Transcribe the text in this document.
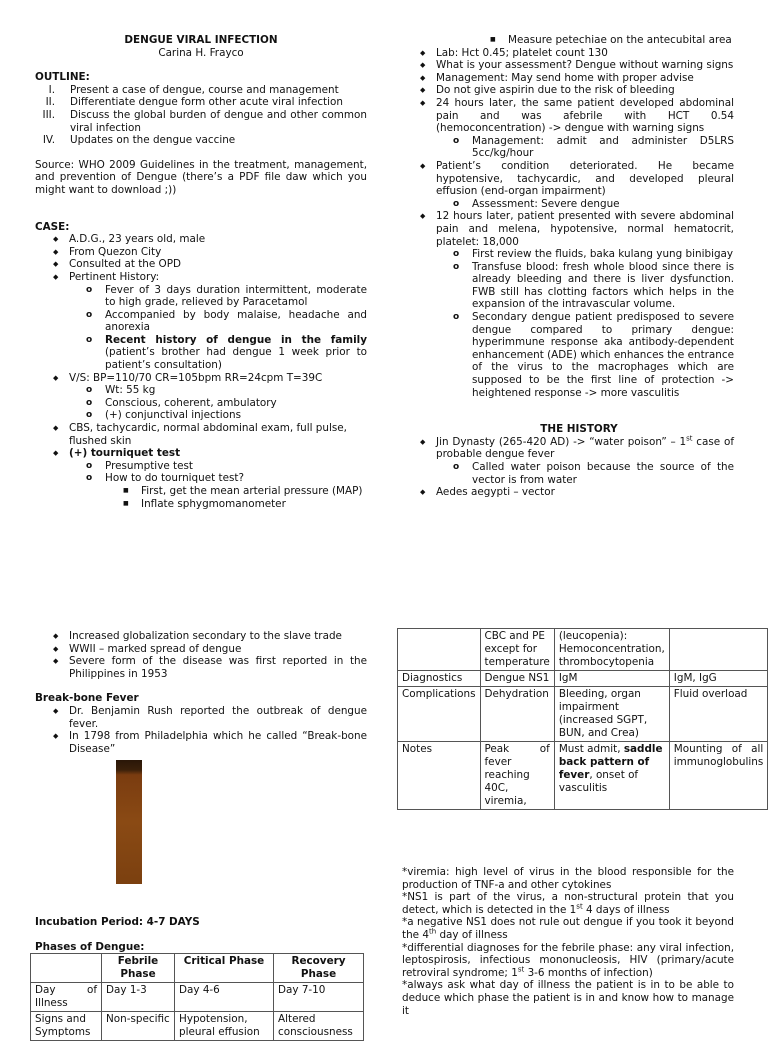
DENGUE VIRAL INFECTION

Carina H. Frayco

OUTLINE:

I. Present a case of dengue, course and management
II. Differentiate dengue form other acute viral infection
III. Discuss the global burden of dengue and other common viral infection
IV. Updates on the dengue vaccine

Source: WHO 2009 Guidelines in the treatment, management, and prevention of Dengue (there’s a PDF file daw which you might want to download ;))

CASE:

◆ A.D.G., 23 years old, male
◆ From Quezon City
◆ Consulted at the OPD
◆ Pertinent History:
o Fever of 3 days duration intermittent, moderate to high grade, relieved by Paracetamol
o Accompanied by body malaise, headache and anorexia
o Recent history of dengue in the family (patient’s brother had dengue 1 week prior to patient’s consultation)
◆ V/S: BP=110/70 CR=105bpm RR=24cpm T=39C
o Wt: 55 kg
o Conscious, coherent, ambulatory
o (+) conjunctival injections
◆ CBS, tachycardic, normal abdominal exam, full pulse, flushed skin
◆ (+) tourniquet test
o Presumptive test
o How to do tourniquet test?
■ First, get the mean arterial pressure (MAP)
■ Inflate sphygmomanometer
■ Measure petechiae on the antecubital area
◆ Lab: Hct 0.45; platelet count 130
◆ What is your assessment? Dengue without warning signs
◆ Management: May send home with proper advise
◆ Do not give aspirin due to the risk of bleeding
◆ 24 hours later, the same patient developed abdominal pain and was afebrile with HCT 0.54 (hemoconcentration) -> dengue with warning signs
o Management: admit and administer D5LRS 5cc/kg/hour
◆ Patient’s condition deteriorated. He became hypotensive, tachycardic, and developed pleural effusion (end-organ impairment)
o Assessment: Severe dengue
◆ 12 hours later, patient presented with severe abdominal pain and melena, hypotensive, normal hematocrit, platelet: 18,000
o First review the fluids, baka kulang yung binibigay
o Transfuse blood: fresh whole blood since there is already bleeding and there is liver dysfunction. FWB still has clotting factors which helps in the expansion of the intravascular volume.
o Secondary dengue patient predisposed to severe dengue compared to primary dengue: hyperimmune response aka antibody-dependent enhancement (ADE) which enhances the entrance of the virus to the macrophages which are supposed to be the first line of protection -> heightened response -> more vasculitis

THE HISTORY

◆ Jin Dynasty (265-420 AD) -> “water poison” – 1st case of probable dengue fever
o Called water poison because the source of the vector is from water
◆ Aedes aegypti – vector
◆ Increased globalization secondary to the slave trade
◆ WWII – marked spread of dengue
◆ Severe form of the disease was first reported in the Philippines in 1953

Break-bone Fever

◆ Dr. Benjamin Rush reported the outbreak of dengue fever.
◆ In 1798 from Philadelphia which he called “Break-bone Disease”

Incubation Period: 4-7 DAYS

Phases of Dengue:

	Febrile Phase	Critical Phase	Recovery Phase
Day of Illness	Day 1-3	Day 4-6	Day 7-10
Signs and Symptoms	Non-specific	Hypotension, pleural effusion	Altered consciousness
	CBC and PE except for temperature	(leucopenia): Hemoconcentration, thrombocytopenia	
Diagnostics	Dengue NS1	IgM	IgM, IgG
Complications	Dehydration	Bleeding, organ impairment (increased SGPT, BUN, and Crea)	Fluid overload
Notes	Peak of fever reaching 40C, viremia,	Must admit, saddle back pattern of fever, onset of vasculitis	Mounting of all immunoglobulins

*viremia: high level of virus in the blood responsible for the production of TNF-a and other cytokines

*NS1 is part of the virus, a non-structural protein that you detect, which is detected in the 1st 4 days of illness

*a negative NS1 does not rule out dengue if you took it beyond the 4th day of illness

*differential diagnoses for the febrile phase: any viral infection, leptospirosis, infectious mononucleosis, HIV (primary/acute retroviral syndrome; 1st 3-6 months of infection)

*always ask what day of illness the patient is in to be able to deduce which phase the patient is in and know how to manage it
